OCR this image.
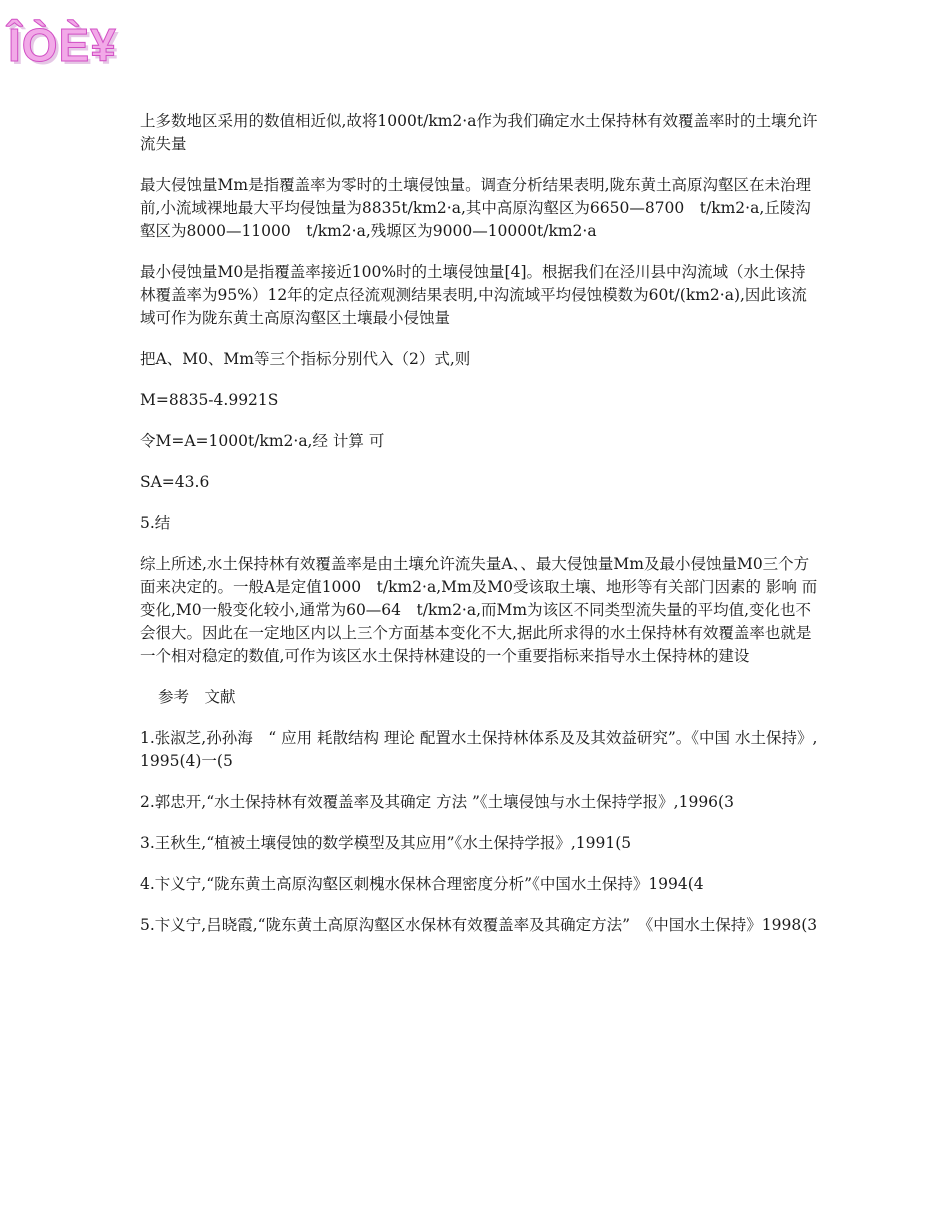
ÎÒÈ¥

上多数地区采用的数值相近似,故将1000t/km2·a作为我们确定水土保持林有效覆盖率时的土壤允许流失量

最大侵蚀量Mm是指覆盖率为零时的土壤侵蚀量。调查分析结果表明,陇东黄土高原沟壑区在未治理前,小流域裸地最大平均侵蚀量为8835t/km2·a,其中高原沟壑区为6650—8700　t/km2·a,丘陵沟壑区为8000—11000　t/km2·a,残塬区为9000—10000t/km2·a

最小侵蚀量M0是指覆盖率接近100%时的土壤侵蚀量[4]。根据我们在泾川县中沟流域（水土保持林覆盖率为95%）12年的定点径流观测结果表明,中沟流域平均侵蚀模数为60t/(km2·a),因此该流域可作为陇东黄土高原沟壑区土壤最小侵蚀量

把A、M0、Mm等三个指标分别代入（2）式,则

M=8835-4.9921S

令M=A=1000t/km2·a,经 计算 可

SA=43.6

5.结

综上所述,水土保持林有效覆盖率是由土壤允许流失量A、、最大侵蚀量Mm及最小侵蚀量M0三个方面来决定的。一般A是定值1000　t/km2·a,Mm及M0受该取土壤、地形等有关部门因素的 影响 而变化,M0一般变化较小,通常为60—64　t/km2·a,而Mm为该区不同类型流失量的平均值,变化也不会很大。因此在一定地区内以上三个方面基本变化不大,据此所求得的水土保持林有效覆盖率也就是一个相对稳定的数值,可作为该区水土保持林建设的一个重要指标来指导水土保持林的建设

参考　文献

1.张淑芝,孙孙海　“ 应用 耗散结构 理论 配置水土保持林体系及及其效益研究”。《中国 水土保持》,1995(4)一(5

2.郭忠开,“水土保持林有效覆盖率及其确定 方法 ”《土壤侵蚀与水土保持学报》,1996(3

3.王秋生,“植被土壤侵蚀的数学模型及其应用”《水土保持学报》,1991(5

4.卞义宁,“陇东黄土高原沟壑区刺槐水保林合理密度分析”《中国水土保持》1994(4

5.卞义宁,吕晓霞,“陇东黄土高原沟壑区水保林有效覆盖率及其确定方法”　《中国水土保持》1998(3
